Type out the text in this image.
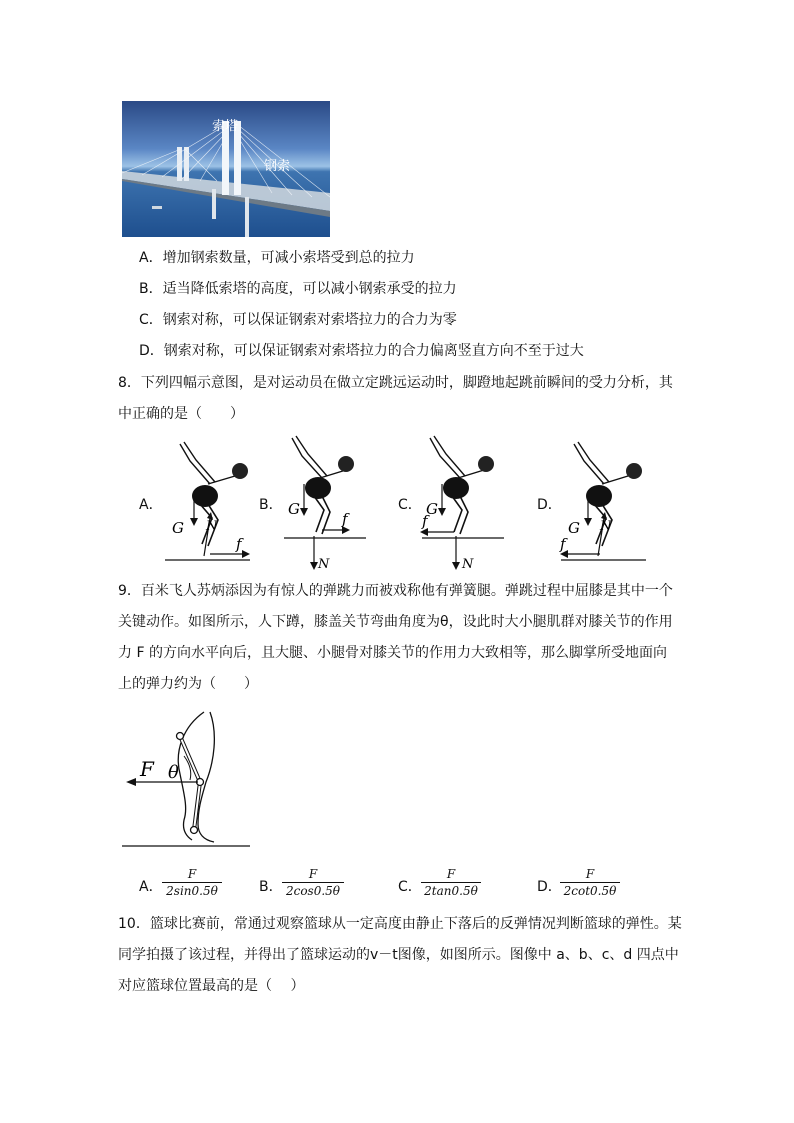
索塔
钢索
A．增加钢索数量，可减小索塔受到总的拉力
B．适当降低索塔的高度，可以减小钢索承受的拉力
C．钢索对称，可以保证钢索对索塔拉力的合力为零
D．钢索对称，可以保证钢索对索塔拉力的合力偏离竖直方向不至于过大
8．下列四幅示意图，是对运动员在做立定跳远运动时，脚蹬地起跳前瞬间的受力分析，其
中正确的是（　　）
A．	B．	C．	D．
G N
f
G
N
f
G
N
f	G N
f
9．百米飞人苏炳添因为有惊人的弹跳力而被戏称他有弹簧腿。弹跳过程中屈膝是其中一个
关键动作。如图所示，人下蹲，膝盖关节弯曲角度为θ，设此时大小腿肌群对膝关节的作用
力 F 的方向水平向后，且大腿、小腿骨对膝关节的作用力大致相等，那么脚掌所受地面向
上的弹力约为（　　）
F θ
A．
F
2sin0.5θ	B．
F
2cos0.5θ	C．
F
2tan0.5θ	D．
F
2cot0.5θ
10．篮球比赛前，常通过观察篮球从一定高度由静止下落后的反弹情况判断篮球的弹性。某
同学拍摄了该过程，并得出了篮球运动的v－t图像，如图所示。图像中 a、b、c、d 四点中
对应篮球位置最高的是（　 ）
